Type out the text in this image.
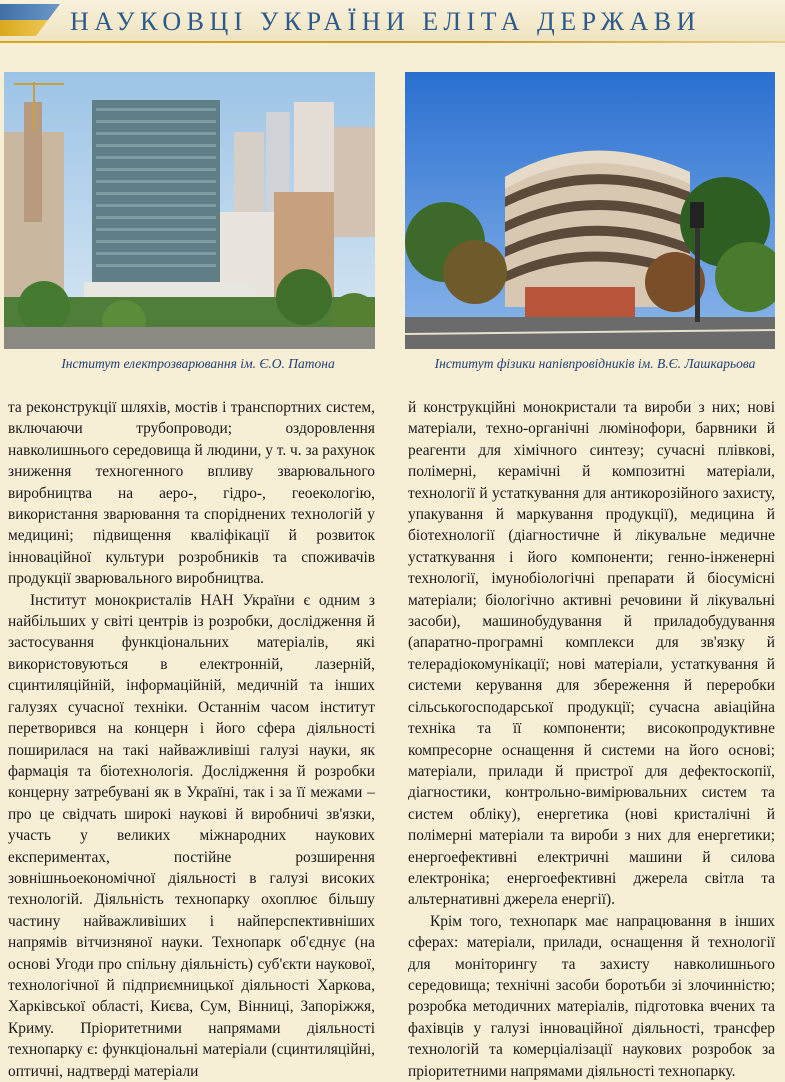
НАУКОВЦІ УКРАЇНИ ЕЛІТА ДЕРЖАВИ
Інститут електрозварювання ім. Є.О. Патона	Інститут фізики напівпровідників ім. В.Є. Лашкарьова

та реконструкції шляхів, мостів і транспортних систем, включаючи трубопроводи; оздоровлення навколишнього середовища й людини, у т. ч. за рахунок зниження техногенного впливу зварювального виробництва на аеро-, гідро-, геоекологію, використання зварювання та споріднених технологій у медицині; підвищення кваліфікації й розвиток інноваційної культури розробників та споживачів продукції зварювального виробництва.

Інститут монокристалів НАН України є одним з найбільших у світі центрів із розробки, дослідження й застосування функціональних матеріалів, які використовуються в електронній, лазерній, сцинтиляційній, інформаційній, медичній та інших галузях сучасної техніки. Останнім часом інститут перетворився на концерн і його сфера діяльності поширилася на такі найважливіші галузі науки, як фармація та біотехнологія. Дослідження й розробки концерну затребувані як в Україні, так і за її межами – про це свідчать широкі наукові й виробничі зв'язки, участь у великих міжнародних наукових експериментах, постійне розширення зовнішньоекономічної діяльності в галузі високих технологій. Діяльність технопарку охоплює більшу частину найважливіших і найперспективніших напрямів вітчизняної науки. Технопарк об'єднує (на основі Угоди про спільну діяльність) суб'єкти наукової, технологічної й підприємницької діяльності Харкова, Харківської області, Києва, Сум, Вінниці, Запоріжжя, Криму. Пріоритетними напрямами діяльності технопарку є: функціональні матеріали (сцинтиляційні, оптичні, надтверді матеріали

й конструкційні монокристали та вироби з них; нові матеріали, техно-органічні люмінофори, барвники й реагенти для хімічного синтезу; сучасні плівкові, полімерні, керамічні й композитні матеріали, технології й устаткування для антикорозійного захисту, упакування й маркування продукції), медицина й біотехнології (діагностичне й лікувальне медичне устаткування і його компоненти; генно-інженерні технології, імунобіологічні препарати й біосумісні матеріали; біологічно активні речовини й лікувальні засоби), машинобудування й приладобудування (апаратно-програмні комплекси для зв'язку й телерадіокомунікації; нові матеріали, устаткування й системи керування для збереження й переробки сільськогосподарської продукції; сучасна авіаційна техніка та її компоненти; високопродуктивне компресорне оснащення й системи на його основі; матеріали, прилади й пристрої для дефектоскопії, діагностики, контрольно-вимірювальних систем та систем обліку), енергетика (нові кристалічні й полімерні матеріали та вироби з них для енергетики; енергоефективні електричні машини й силова електроніка; енергоефективні джерела світла та альтернативні джерела енергії).

Крім того, технопарк має напрацювання в інших сферах: матеріали, прилади, оснащення й технології для моніторингу та захисту навколишнього середовища; технічні засоби боротьби зі злочинністю; розробка методичних матеріалів, підготовка вчених та фахівців у галузі інноваційної діяльності, трансфер технологій та комерціалізації наукових розробок за пріоритетними напрямами діяльності технопарку.
